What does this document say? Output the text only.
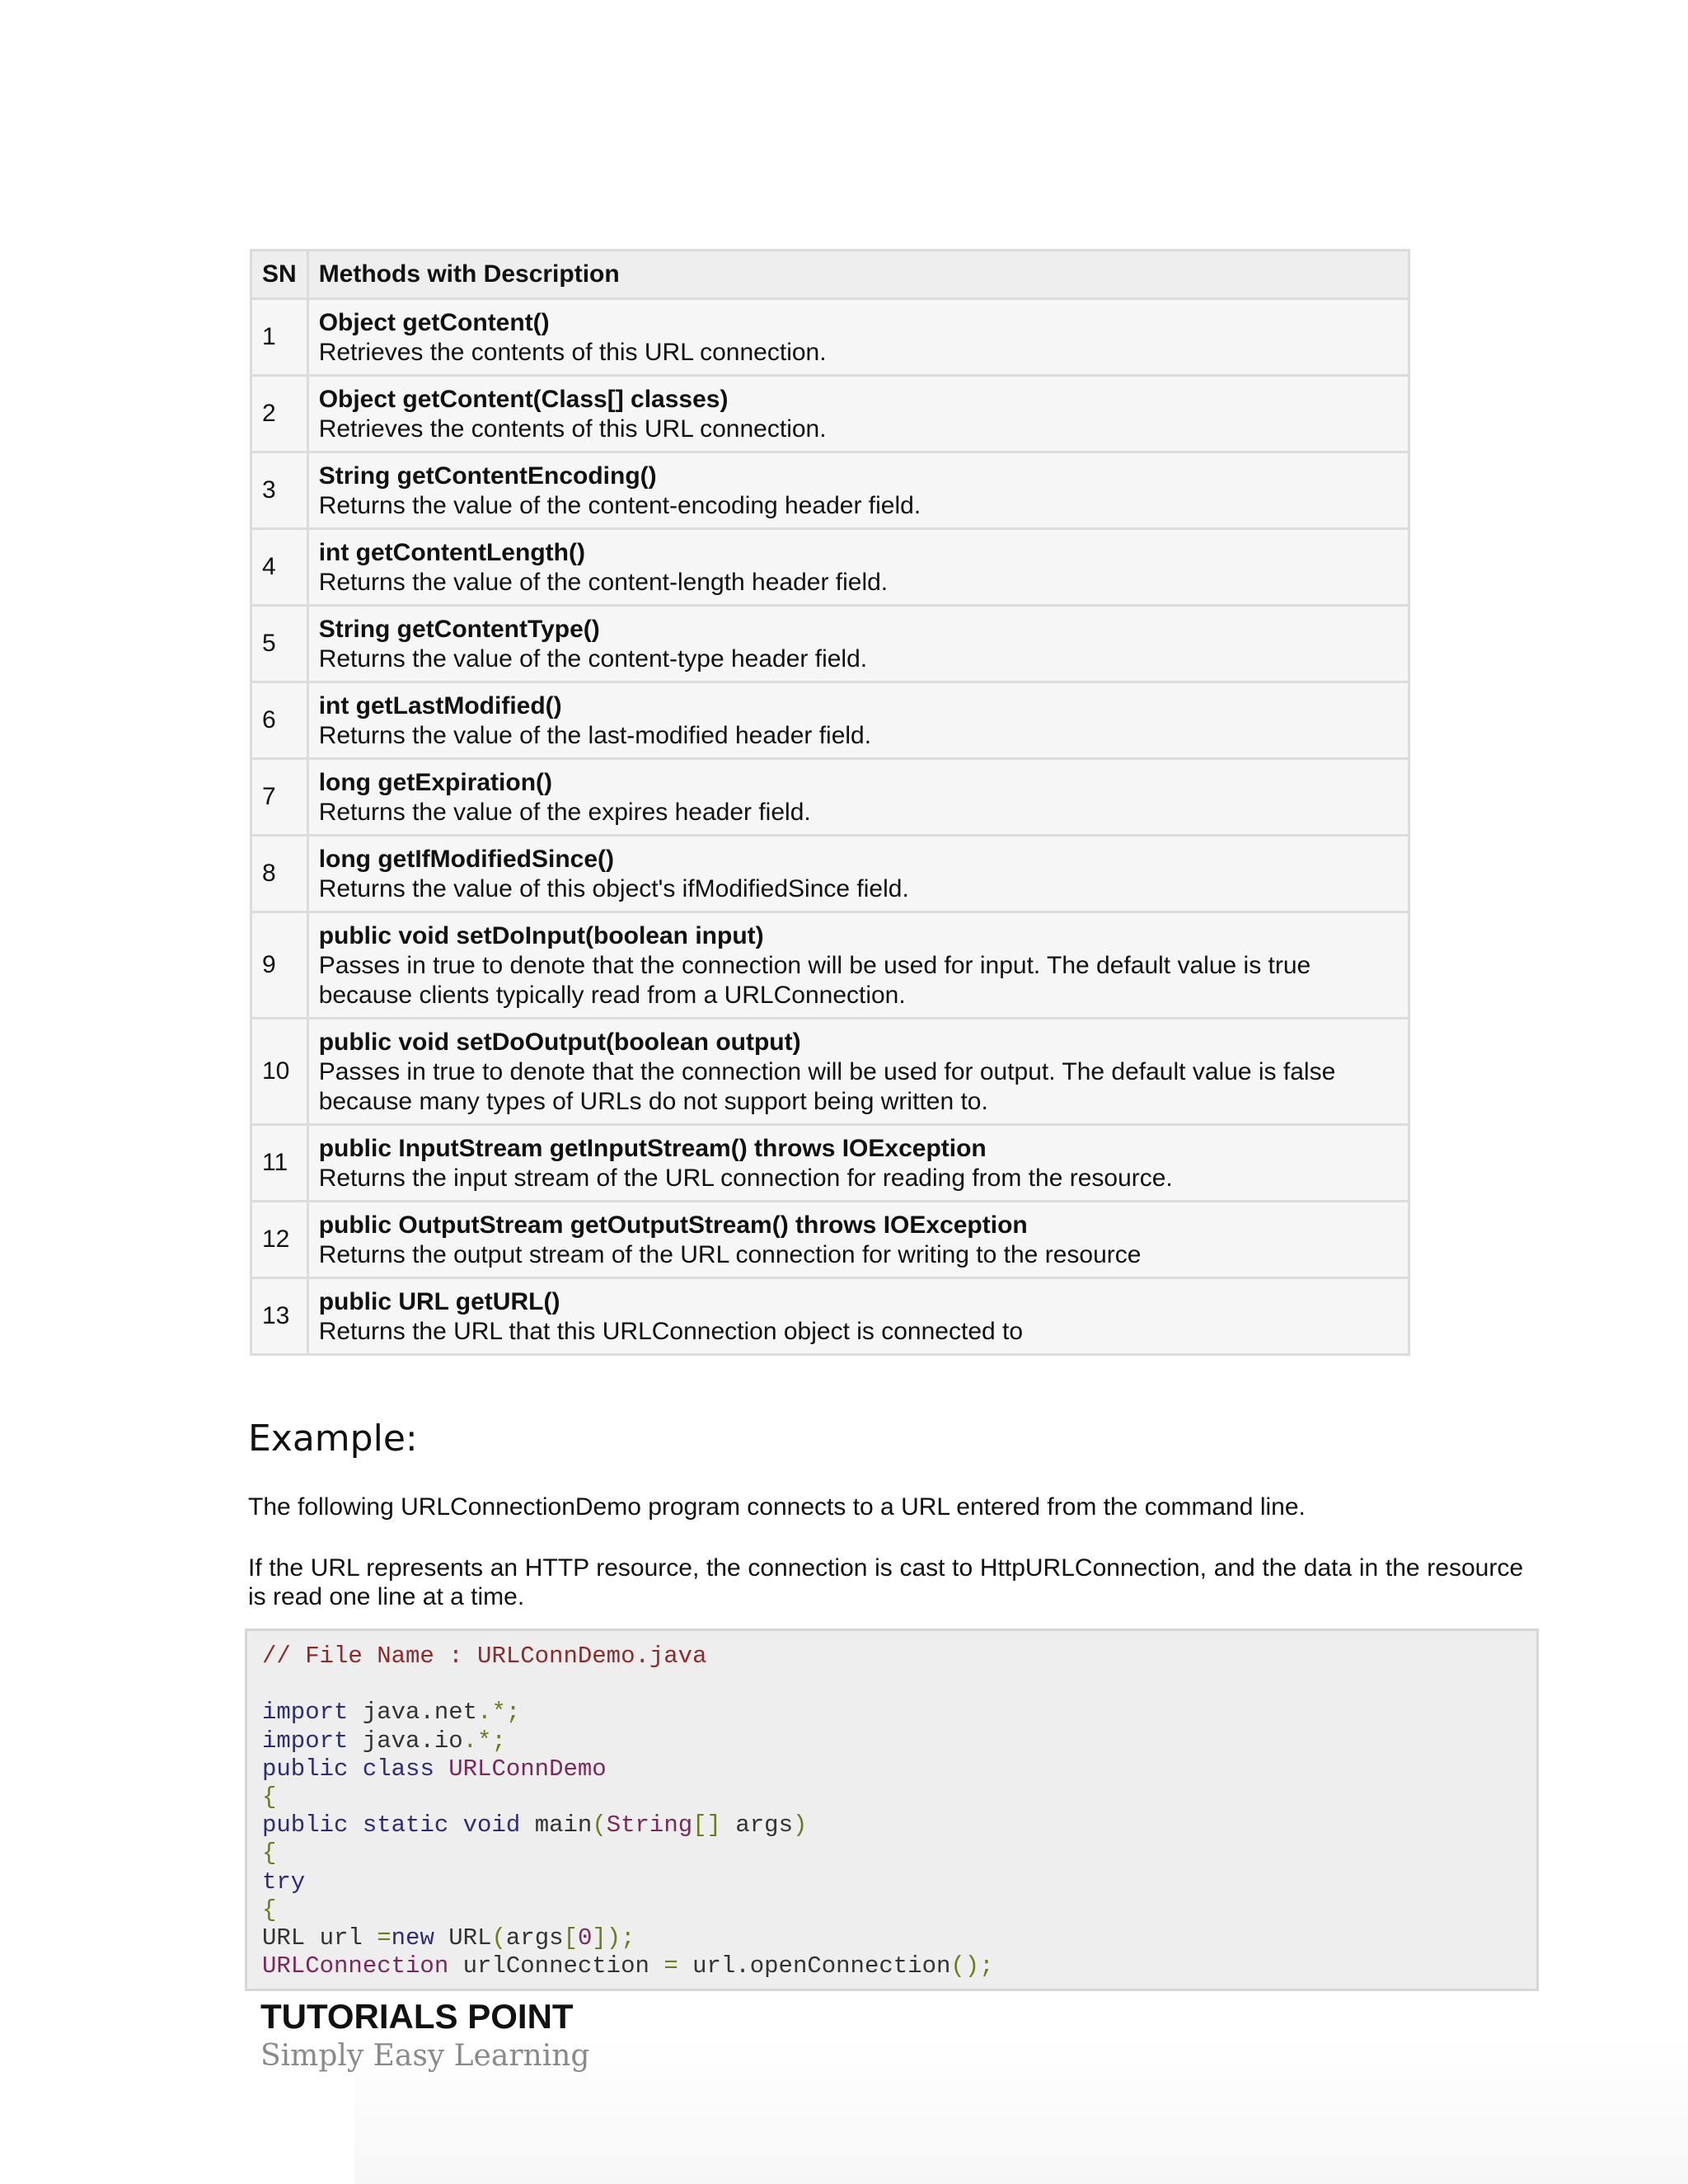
SN	Methods with Description
1	Object getContent()
Retrieves the contents of this URL connection.

2	Object getContent(Class[] classes)
Retrieves the contents of this URL connection.

3	String getContentEncoding()
Returns the value of the content-encoding header field.

4	int getContentLength()
Returns the value of the content-length header field.

5	String getContentType()
Returns the value of the content-type header field.

6	int getLastModified()
Returns the value of the last-modified header field.

7	long getExpiration()
Returns the value of the expires header field.

8	long getIfModifiedSince()
Returns the value of this object's ifModifiedSince field.

9	public void setDoInput(boolean input)
Passes in true to denote that the connection will be used for input. The default value is true because clients typically read from a URLConnection.

10	public void setDoOutput(boolean output)
Passes in true to denote that the connection will be used for output. The default value is false because many types of URLs do not support being written to.

11	public InputStream getInputStream() throws IOException
Returns the input stream of the URL connection for reading from the resource.

12	public OutputStream getOutputStream() throws IOException
Returns the output stream of the URL connection for writing to the resource

13	public URL getURL()
Returns the URL that this URLConnection object is connected to
Example:

The following URLConnectionDemo program connects to a URL entered from the command line.

If the URL represents an HTTP resource, the connection is cast to HttpURLConnection, and the data in the resource is read one line at a time.

// File Name : URLConnDemo.java
import java.net.*;
import java.io.*;
public class URLConnDemo
{
public static void main(String[] args)
{
try
{
URL url =new URL(args[0]);
URLConnection urlConnection = url.openConnection();

TUTORIALS POINT

Simply Easy Learning
